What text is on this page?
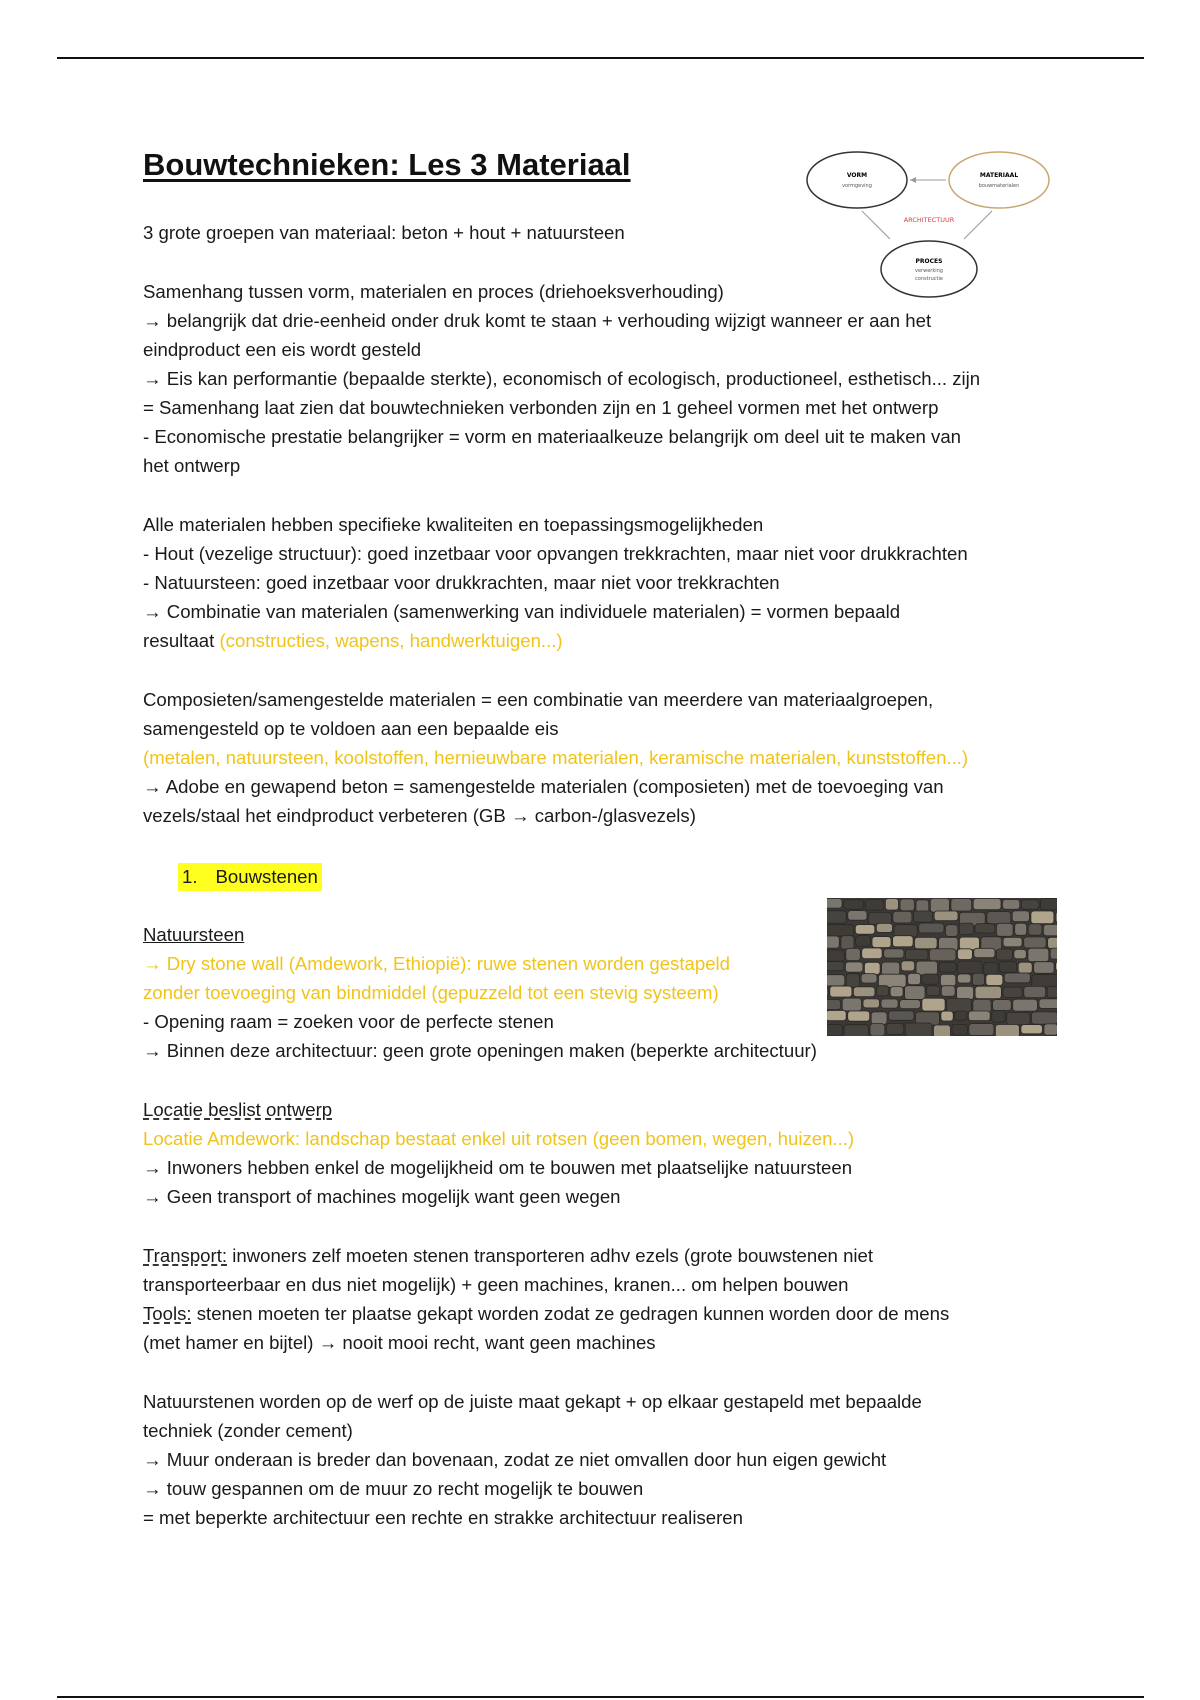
Bouwtechnieken: Les 3 Materiaal	VORM
vormgeving
MATERIAAL
bouwmaterialen
ARCHITECTUUR
PROCES
verwerking
constructie
3 grote groepen van materiaal: beton + hout + natuursteen
Samenhang tussen vorm, materialen en proces (driehoeksverhouding)
→ belangrijk dat drie-eenheid onder druk komt te staan + verhouding wijzigt wanneer er aan het
eindproduct een eis wordt gesteld
→ Eis kan performantie (bepaalde sterkte), economisch of ecologisch, productioneel, esthetisch... zijn
= Samenhang laat zien dat bouwtechnieken verbonden zijn en 1 geheel vormen met het ontwerp
- Economische prestatie belangrijker = vorm en materiaalkeuze belangrijk om deel uit te maken van
het ontwerp
Alle materialen hebben specifieke kwaliteiten en toepassingsmogelijkheden
- Hout (vezelige structuur): goed inzetbaar voor opvangen trekkrachten, maar niet voor drukkrachten
- Natuursteen: goed inzetbaar voor drukkrachten, maar niet voor trekkrachten
→ Combinatie van materialen (samenwerking van individuele materialen) = vormen bepaald
resultaat (constructies, wapens, handwerktuigen...)
Composieten/samengestelde materialen = een combinatie van meerdere van materiaalgroepen,
samengesteld op te voldoen aan een bepaalde eis
(metalen, natuursteen, koolstoffen, hernieuwbare materialen, keramische materialen, kunststoffen...)
→ Adobe en gewapend beton = samengestelde materialen (composieten) met de toevoeging van
vezels/staal het eindproduct verbeteren (GB → carbon-/glasvezels)
1. Bouwstenen
Natuursteen
→ Dry stone wall (Amdework, Ethiopië): ruwe stenen worden gestapeld
zonder toevoeging van bindmiddel (gepuzzeld tot een stevig systeem)
- Opening raam = zoeken voor de perfecte stenen
→ Binnen deze architectuur: geen grote openingen maken (beperkte architectuur)
Locatie beslist ontwerp
Locatie Amdework: landschap bestaat enkel uit rotsen (geen bomen, wegen, huizen...)
→ Inwoners hebben enkel de mogelijkheid om te bouwen met plaatselijke natuursteen
→ Geen transport of machines mogelijk want geen wegen
Transport: inwoners zelf moeten stenen transporteren adhv ezels (grote bouwstenen niet
transporteerbaar en dus niet mogelijk) + geen machines, kranen... om helpen bouwen
Tools: stenen moeten ter plaatse gekapt worden zodat ze gedragen kunnen worden door de mens
(met hamer en bijtel) → nooit mooi recht, want geen machines
Natuurstenen worden op de werf op de juiste maat gekapt + op elkaar gestapeld met bepaalde
techniek (zonder cement)
→ Muur onderaan is breder dan bovenaan, zodat ze niet omvallen door hun eigen gewicht
→ touw gespannen om de muur zo recht mogelijk te bouwen
= met beperkte architectuur een rechte en strakke architectuur realiseren
